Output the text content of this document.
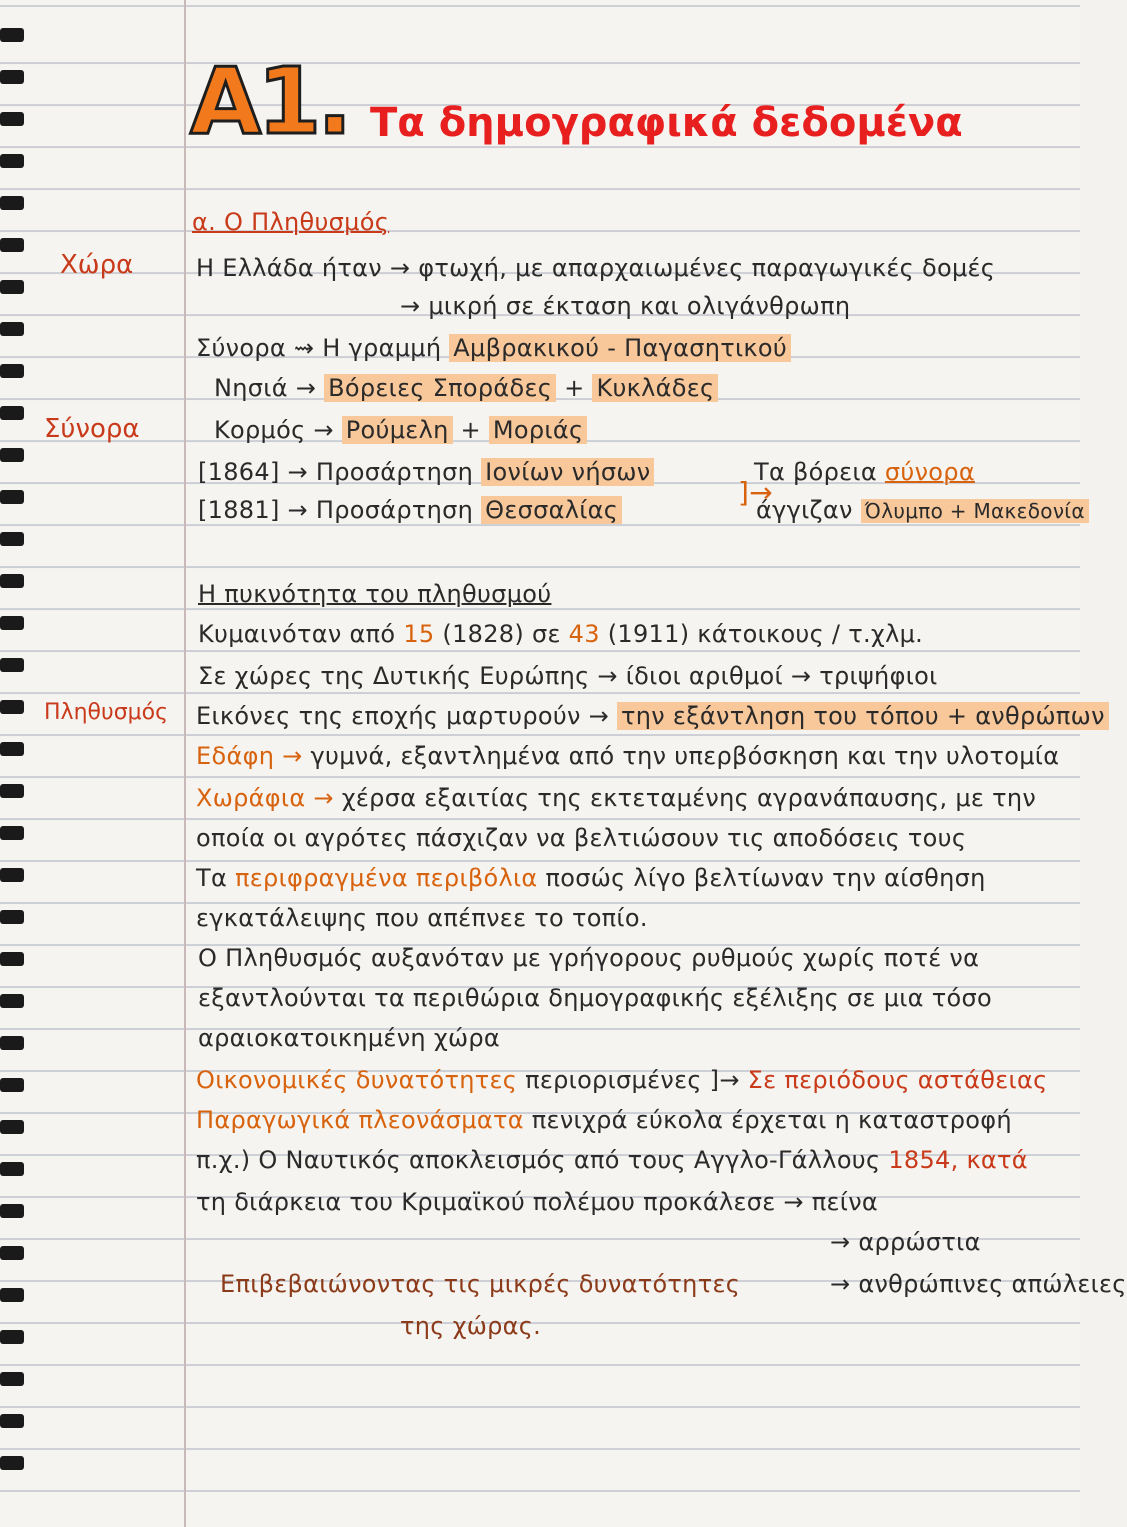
A1. Τα δημογραφικά δεδομένα
Χώρα
Σύνορα
Πληθυσμός
α. Ο Πληθυσμός
Η Ελλάδα ήταν → φτωχή, με απαρχαιωμένες παραγωγικές δομές
→ μικρή σε έκταση και ολιγάνθρωπη
Σύνορα ⇝ Η γραμμή Αμβρακικού - Παγασητικού
Νησιά → Βόρειες Σποράδες + Κυκλάδες
Κορμός → Ρούμελη + Μοριάς
[1864] → Προσάρτηση Ιονίων νήσων
[1881] → Προσάρτηση Θεσσαλίας
]→
Τα βόρεια σύνορα
άγγιζαν Όλυμπο + Μακεδονία
Η πυκνότητα του πληθυσμού
Κυμαινόταν από 15 (1828) σε 43 (1911) κάτοικους / τ.χλμ.
Σε χώρες της Δυτικής Ευρώπης → ίδιοι αριθμοί → τριψήφιοι
Εικόνες της εποχής μαρτυρούν → την εξάντληση του τόπου + ανθρώπων
Εδάφη → γυμνά, εξαντλημένα από την υπερβόσκηση και την υλοτομία
Χωράφια → χέρσα εξαιτίας της εκτεταμένης αγρανάπαυσης, με την
οποία οι αγρότες πάσχιζαν να βελτιώσουν τις αποδόσεις τους
Τα περιφραγμένα περιβόλια ποσώς λίγο βελτίωναν την αίσθηση
εγκατάλειψης που απέπνεε το τοπίο.
Ο Πληθυσμός αυξανόταν με γρήγορους ρυθμούς χωρίς ποτέ να
εξαντλούνται τα περιθώρια δημογραφικής εξέλιξης σε μια τόσο
αραιοκατοικημένη χώρα
Οικονομικές δυνατότητες περιορισμένες ]→ Σε περιόδους αστάθειας
Παραγωγικά πλεονάσματα πενιχρά εύκολα έρχεται η καταστροφή
π.χ.) Ο Ναυτικός αποκλεισμός από τους Αγγλο-Γάλλους 1854, κατά
τη διάρκεια του Κριμαϊκού πολέμου προκάλεσε → πείνα
→ αρρώστια
Επιβεβαιώνοντας τις μικρές δυνατότητες	→ ανθρώπινες απώλειες
της χώρας.
